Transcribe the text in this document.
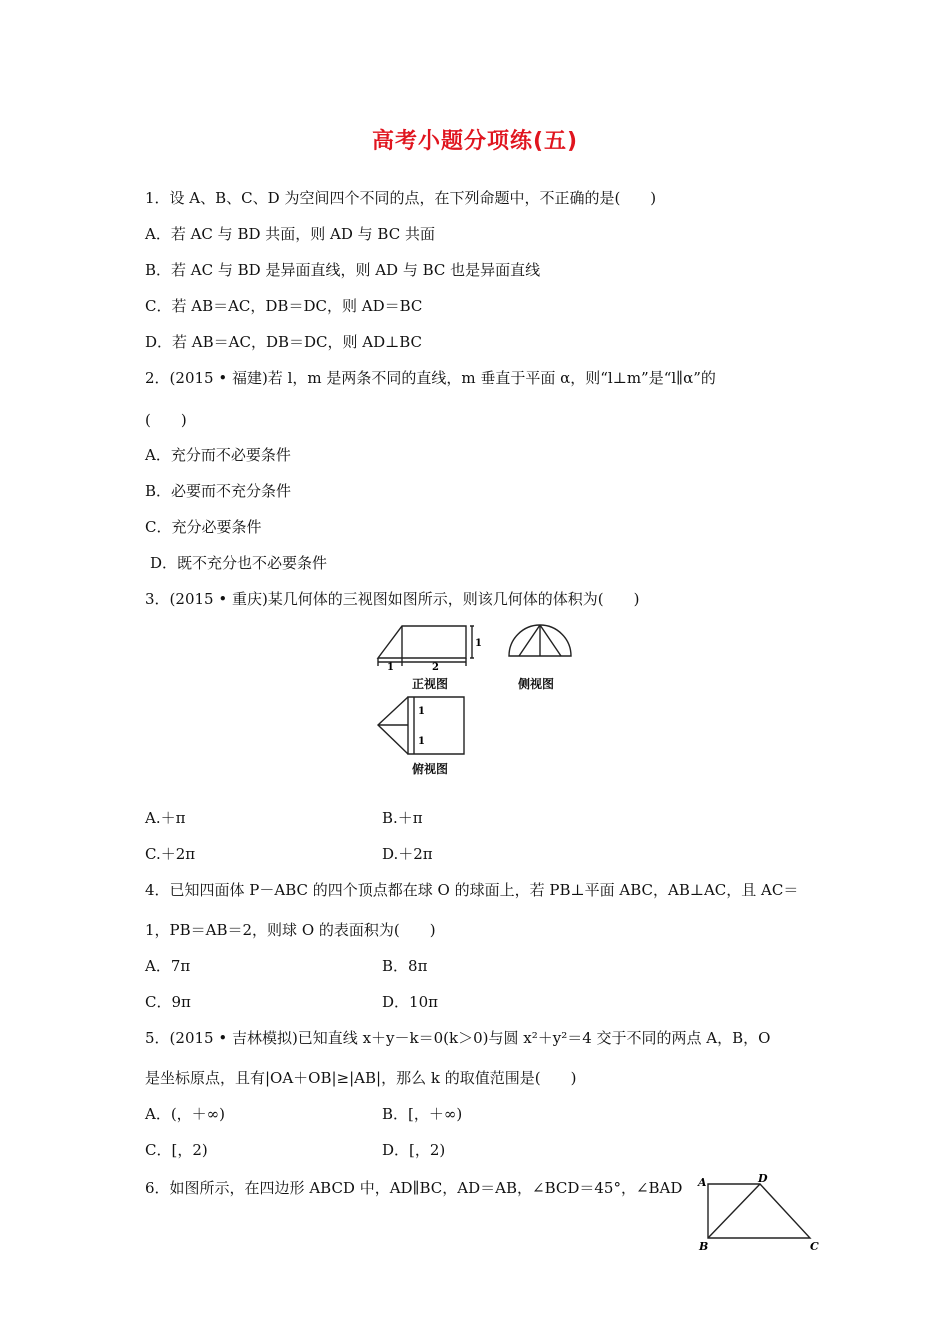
高考小题分项练(五)
1．设 A、B、C、D 为空间四个不同的点，在下列命题中，不正确的是(　　)
A．若 AC 与 BD 共面，则 AD 与 BC 共面
B．若 AC 与 BD 是异面直线，则 AD 与 BC 也是异面直线
C．若 AB＝AC，DB＝DC，则 AD＝BC
D．若 AB＝AC，DB＝DC，则 AD⊥BC
2．(2015 • 福建)若 l，m 是两条不同的直线，m 垂直于平面 α，则“l⊥m”是“l∥α”的
(　　)
A．充分而不必要条件
B．必要而不充分条件
C．充分必要条件
D．既不充分也不必要条件
3．(2015 • 重庆)某几何体的三视图如图所示，则该几何体的体积为(　　)
1	2
1
正视图	侧视图
1
1
俯视图
A.＋π	B.＋π
C.＋2π	D.＋2π
4．已知四面体 P－ABC 的四个顶点都在球 O 的球面上，若 PB⊥平面 ABC，AB⊥AC，且 AC＝
1，PB＝AB＝2，则球 O 的表面积为(　　)
A．7π	B．8π
C．9π	D．10π
5．(2015 • 吉林模拟)已知直线 x＋y－k＝0(k＞0)与圆 x²＋y²＝4 交于不同的两点 A，B，O
是坐标原点，且有|OA＋OB|≥|AB|，那么 k 的取值范围是(　　)
A．(，＋∞)	B．[，＋∞)
C．[，2)	D．[，2)
6．如图所示，在四边形 ABCD 中，AD∥BC，AD＝AB，∠BCD＝45°，∠BAD A	D
B	C
